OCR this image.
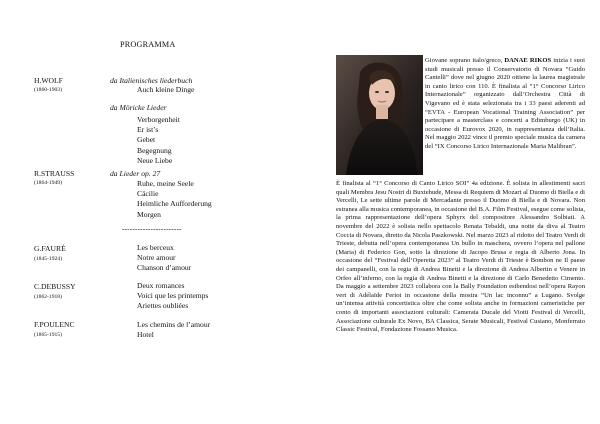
PROGRAMMA
H.WOLF
(1860-1903)
da Italienisches liederbuch
Auch kleine Dinge
da Möricke Lieder
Verborgenheit
Er ist’s
Gebet
Begegnung
Neue Liebe
R.STRAUSS
(1864-1949)
da Lieder op. 27
Ruhe, meine Seele
Cäcilie
Heimliche Aufforderung
Morgen
-----------------------
G.FAURÉ
(1845-1924)
Les berceux
Notre amour
Chanson d’amour
C.DEBUSSY
(1862-1918)
Deux romances
Voici que les printemps
Ariettes oubliées
F.POULENC
(1865-1915)
Les chemins de l’amour
Hotel
Giovane soprano italo/greco, DANAE RIKOS inizia i suoi studi musicali presso il Conservatorio di Novara “Guido Cantelli” dove nel giugno 2020 ottiene la laurea magistrale in canto lirico con 110. È finalista al “1° Concorso Lirico Internazionale” organizzato dall’Orchestra Città di Vigevano ed è stata selezionata tra i 33 paesi aderenti ad “EVTA - European Vocational Training Association” per partecipare a masterclass e concerti a Edimburgo (UK) in occasione di Eurovox 2020, in rappresentanza dell’Italia. Nel maggio 2022 vince il premio speciale musica da camera del “IX Concorso Lirico Internazionale Maria Malibran”.
È finalista al “1° Concorso di Canto Lirico SOI” 4a edizione. È solista in allestimenti sacri quali Membra Jesu Nostri di Buxtehude, Messa di Requiem di Mozart al Duomo di Biella e di Vercelli, Le sette ultime parole di Mercadante presso il Duomo di Biella e di Novara. Non estranea alla musica contemporanea, in occasione del B.A. Film Festival, esegue come solista, la prima rappresentazione dell’opera Sphyrx del compositore Alessandro Solbiati. A novembre del 2022 è solista nello spettacolo Renata Tebaldi, una notte da diva al Teatro Coccia di Novara, diretto da Nicola Paszkowski. Nel marzo 2023 al ridotto del Teatro Verdi di Trieste, debutta nell’opera contemporanea Un bullo in maschera, ovvero l’opera nel pallone (Maria) di Federico Gon, sotto la direzione di Jacopo Brusa e regia di Alberto Jona. In occasione del “Festival dell’Operetta 2023” al Teatro Verdi di Trieste è Bombon ne Il paese dei campanelli, con la regia di Andrea Binetti e la direzione di Andrea Albertin e Venere in Orfeo all’inferno, con la regia di Andrea Binetti e la direzione di Carlo Benedetto Cimento. Da maggio a settembre 2023 collabora con la Bally Foundation esibendosi nell’opera Rayon vert di Adélaïde Feriot in occasione della mostra “Un lac inconnu” a Lugano. Svolge un’intensa attività concertistica oltre che come solista anche in formazioni cameristiche per conto di importanti associazioni culturali: Camerata Ducale del Viotti Festival di Vercelli, Associazione culturale Ex Novo, BA Classica, Serate Musicali, Festival Cusiano, Monferrato Classic Festival, Fondazione Fossano Musica.
